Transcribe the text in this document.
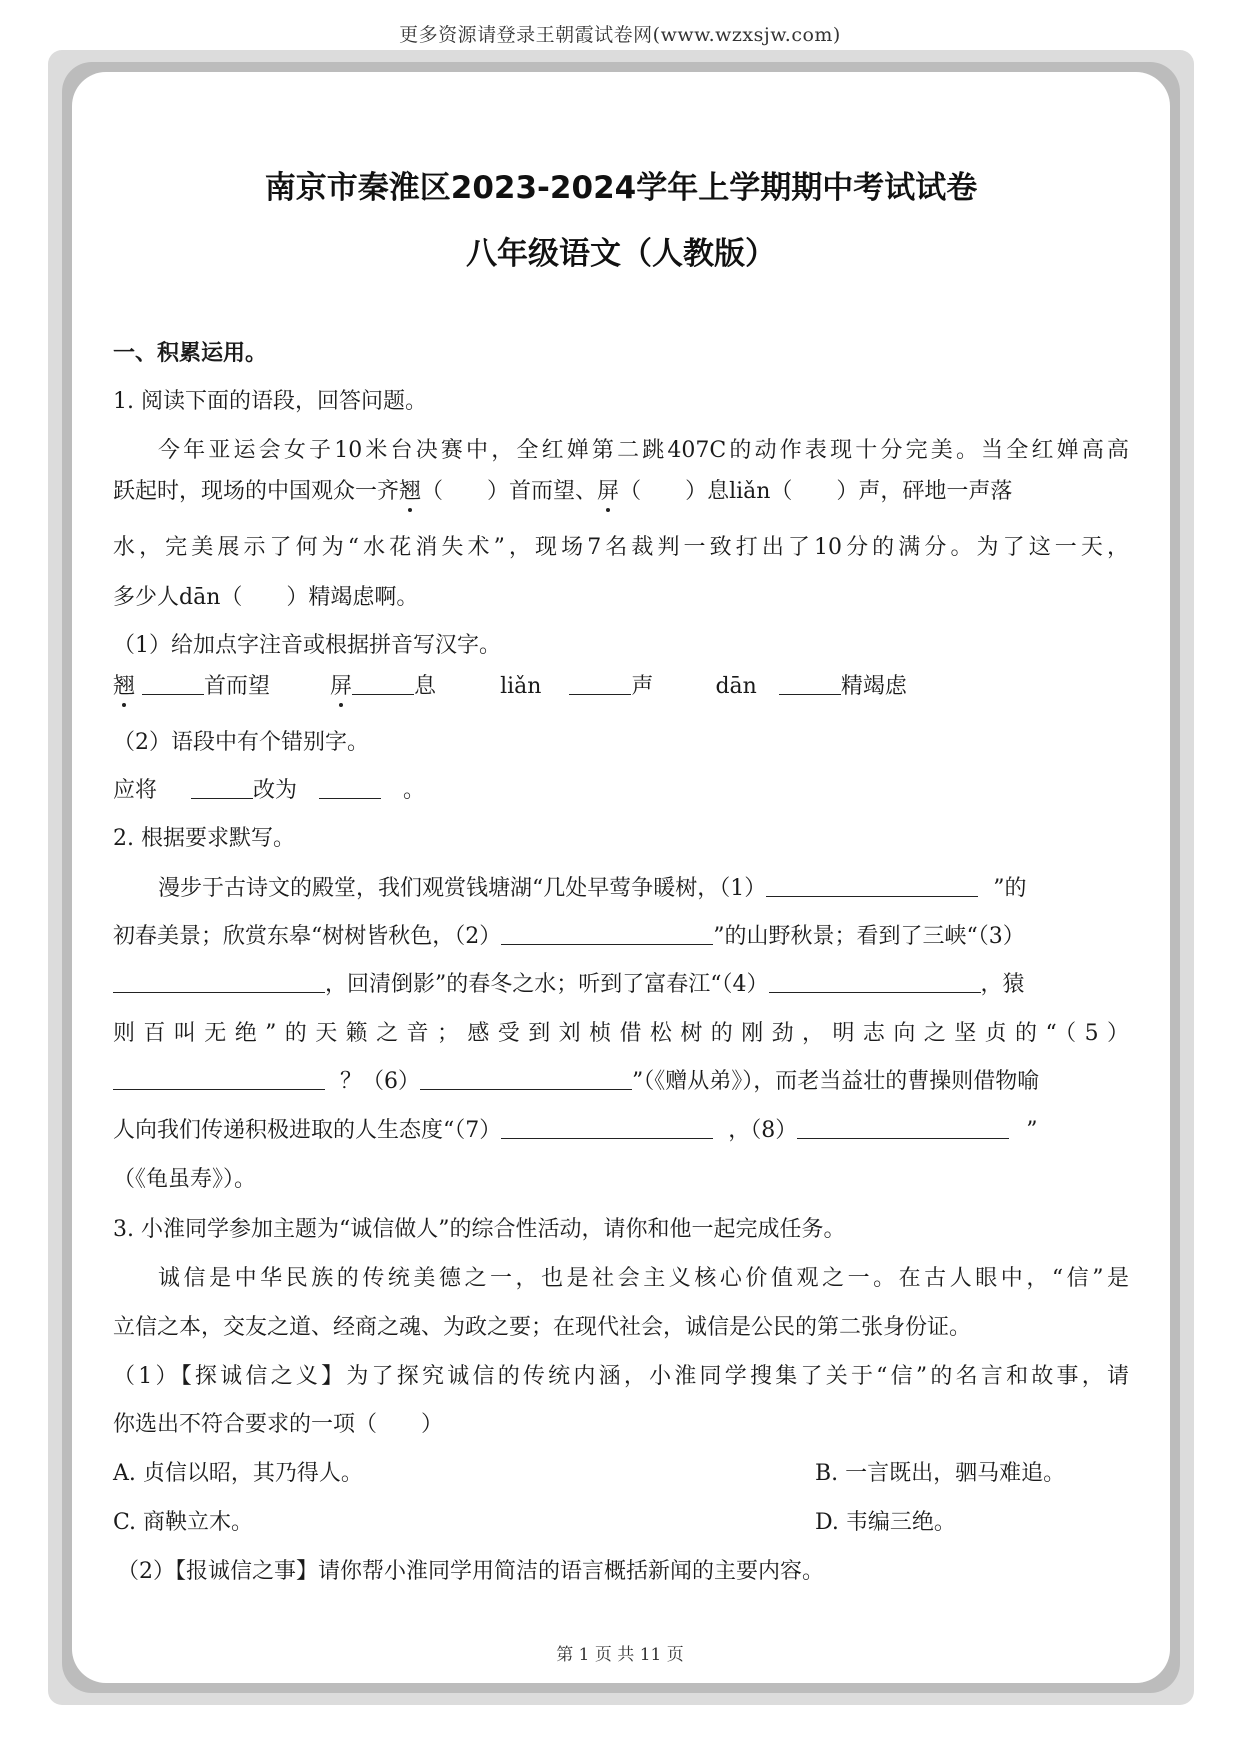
更多资源请登录王朝霞试卷网(www.wzxsjw.com)
南京市秦淮区2023-2024学年上学期期中考试试卷
八年级语文（人教版）
一、积累运用。
1. 阅读下面的语段，回答问题。
今年亚运会女子10米台决赛中，全红婵第二跳407C的动作表现十分完美。当全红婵高高
跃起时，现场的中国观众一齐翘（　　）首而望、屏（　　）息liǎn（　　）声，砰地一声落
水，完美展示了何为“水花消失术”，现场7名裁判一致打出了10分的满分。为了这一天，
多少人dān（　　）精竭虑啊。
（1）给加点字注音或根据拼音写汉字。
翘	首而望	屏	息	liǎn	声	dān	精竭虑
（2）语段中有个错别字。
应将	改为	。
2. 根据要求默写。
漫步于古诗文的殿堂，我们观赏钱塘湖“几处早莺争暖树，（1）	”的
初春美景；欣赏东皋“树树皆秋色，（2）	”的山野秋景；看到了三峡“（3）
，回清倒影”的春冬之水；听到了富春江“（4）	，猿
则百叫无绝”的天籁之音；感受到刘桢借松树的刚劲，明志向之坚贞的“（5）
？（6）	”（《赠从弟》），而老当益壮的曹操则借物喻
人向我们传递积极进取的人生态度“（7）	，（8）	”
（《龟虽寿》）。
3. 小淮同学参加主题为“诚信做人”的综合性活动，请你和他一起完成任务。
诚信是中华民族的传统美德之一，也是社会主义核心价值观之一。在古人眼中，“信”是
立信之本，交友之道、经商之魂、为政之要；在现代社会，诚信是公民的第二张身份证。
（1）【探诚信之义】为了探究诚信的传统内涵，小淮同学搜集了关于“信”的名言和故事，请
你选出不符合要求的一项（　　）
A. 贞信以昭，其乃得人。	B. 一言既出，驷马难追。
C. 商鞅立木。	D. 韦编三绝。
（2）【报诚信之事】请你帮小淮同学用简洁的语言概括新闻的主要内容。
第 1 页 共 11 页
